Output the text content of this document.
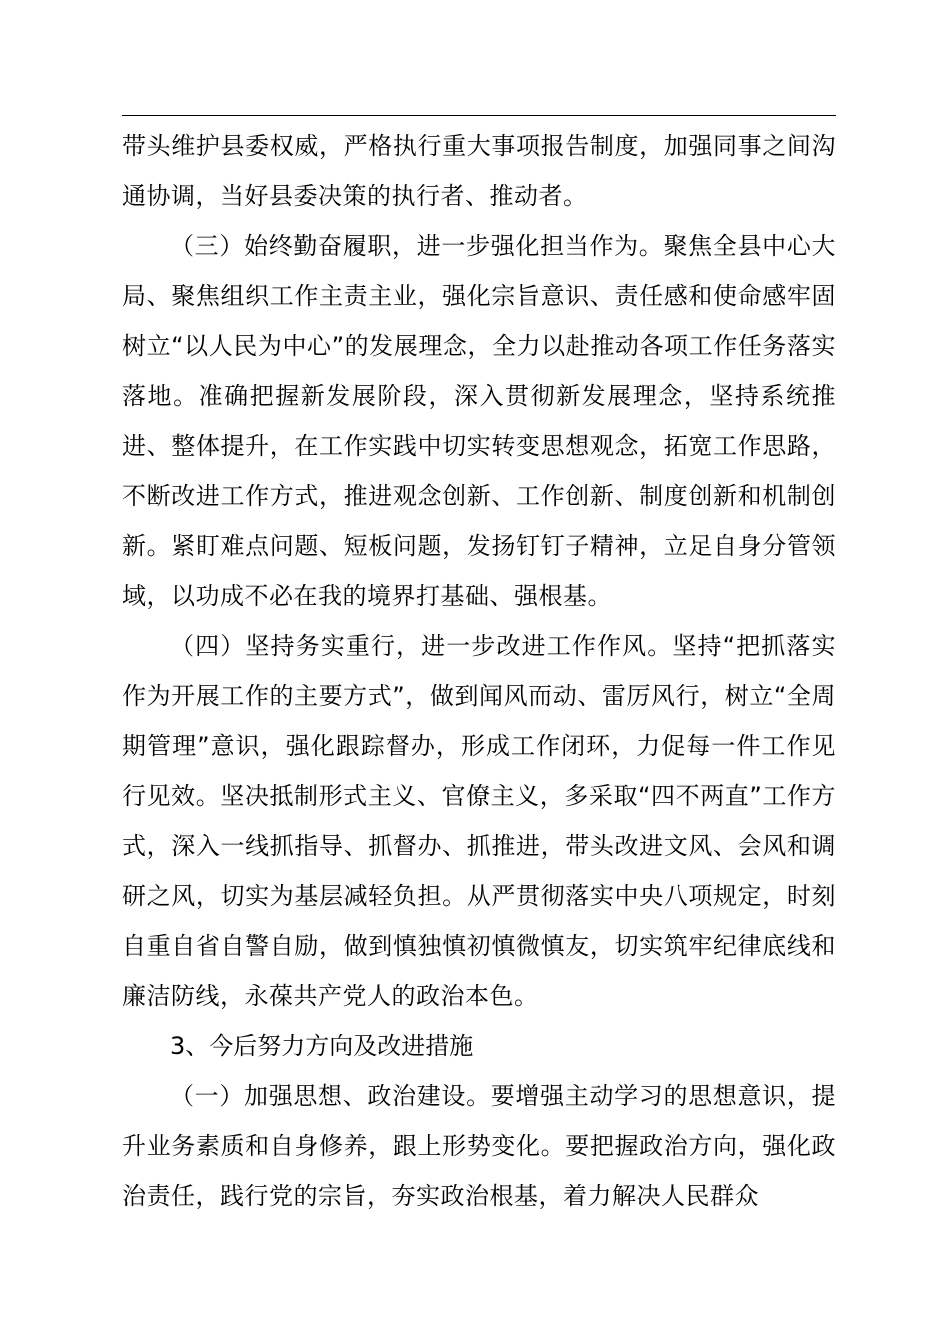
带头维护县委权威，严格执行重大事项报告制度，加强同事之间沟通协调，当好县委决策的执行者、推动者。

（三）始终勤奋履职，进一步强化担当作为。聚焦全县中心大局、聚焦组织工作主责主业，强化宗旨意识、责任感和使命感牢固树立“以人民为中心”的发展理念，全力以赴推动各项工作任务落实落地。准确把握新发展阶段，深入贯彻新发展理念，坚持系统推进、整体提升，在工作实践中切实转变思想观念，拓宽工作思路，不断改进工作方式，推进观念创新、工作创新、制度创新和机制创新。紧盯难点问题、短板问题，发扬钉钉子精神，立足自身分管领域，以功成不必在我的境界打基础、强根基。

（四）坚持务实重行，进一步改进工作作风。坚持“把抓落实作为开展工作的主要方式”，做到闻风而动、雷厉风行，树立“全周期管理”意识，强化跟踪督办，形成工作闭环，力促每一件工作见行见效。坚决抵制形式主义、官僚主义，多采取“四不两直”工作方式，深入一线抓指导、抓督办、抓推进，带头改进文风、会风和调研之风，切实为基层减轻负担。从严贯彻落实中央八项规定，时刻自重自省自警自励，做到慎独慎初慎微慎友，切实筑牢纪律底线和廉洁防线，永葆共产党人的政治本色。

3、今后努力方向及改进措施

（一）加强思想、政治建设。要增强主动学习的思想意识，提升业务素质和自身修养，跟上形势变化。要把握政治方向，强化政治责任，践行党的宗旨，夯实政治根基，着力解决人民群众
